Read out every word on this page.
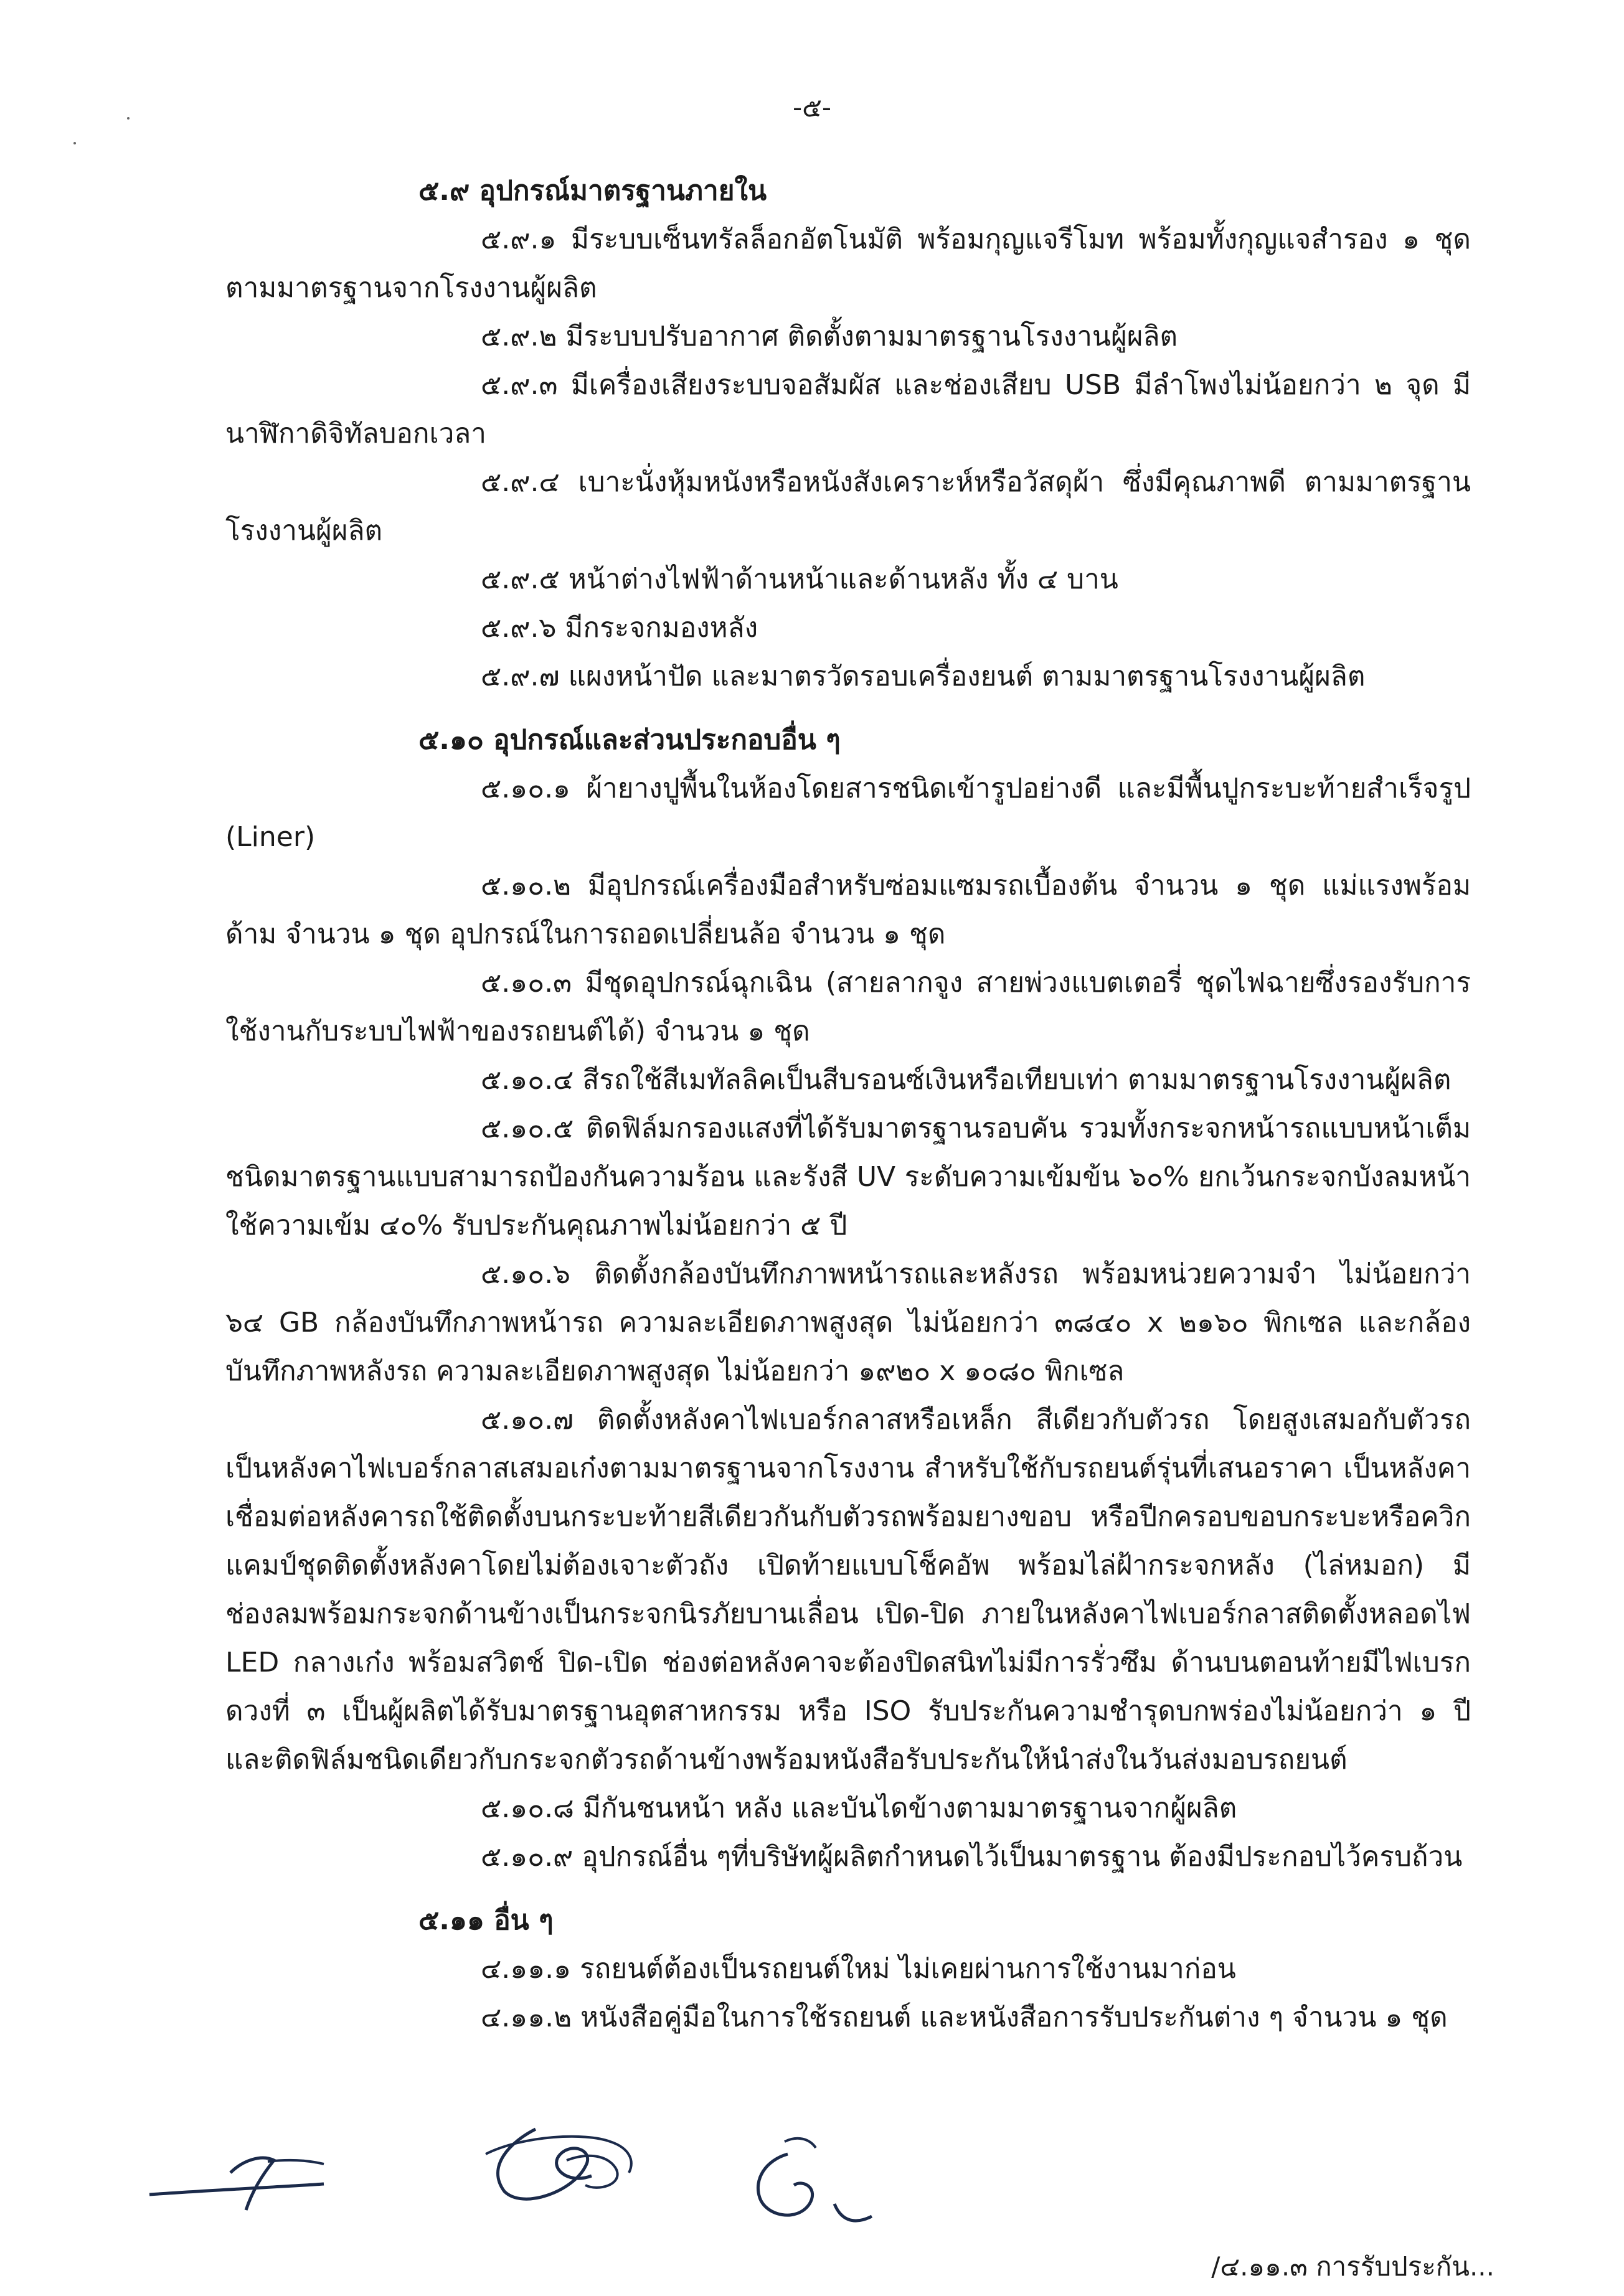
-๕-
๕.๙ อุปกรณ์มาตรฐานภายใน
๕.๙.๑ มีระบบเซ็นทรัลล็อกอัตโนมัติ พร้อมกุญแจรีโมท พร้อมทั้งกุญแจสำรอง ๑ ชุด ตามมาตรฐานจากโรงงานผู้ผลิต
๕.๙.๒ มีระบบปรับอากาศ ติดตั้งตามมาตรฐานโรงงานผู้ผลิต
๕.๙.๓ มีเครื่องเสียงระบบจอสัมผัส และช่องเสียบ USB มีลำโพงไม่น้อยกว่า ๒ จุด มีนาฬิกาดิจิทัลบอกเวลา
๕.๙.๔ เบาะนั่งหุ้มหนังหรือหนังสังเคราะห์หรือวัสดุผ้า ซึ่งมีคุณภาพดี ตามมาตรฐานโรงงานผู้ผลิต
๕.๙.๕ หน้าต่างไฟฟ้าด้านหน้าและด้านหลัง ทั้ง ๔ บาน
๕.๙.๖ มีกระจกมองหลัง
๕.๙.๗ แผงหน้าปัด และมาตรวัดรอบเครื่องยนต์ ตามมาตรฐานโรงงานผู้ผลิต
๕.๑๐ อุปกรณ์และส่วนประกอบอื่น ๆ
๕.๑๐.๑ ผ้ายางปูพื้นในห้องโดยสารชนิดเข้ารูปอย่างดี และมีพื้นปูกระบะท้ายสำเร็จรูป (Liner)
๕.๑๐.๒ มีอุปกรณ์เครื่องมือสำหรับซ่อมแซมรถเบื้องต้น จำนวน ๑ ชุด แม่แรงพร้อมด้าม จำนวน ๑ ชุด อุปกรณ์ในการถอดเปลี่ยนล้อ จำนวน ๑ ชุด
๕.๑๐.๓ มีชุดอุปกรณ์ฉุกเฉิน (สายลากจูง สายพ่วงแบตเตอรี่ ชุดไฟฉายซึ่งรองรับการใช้งานกับระบบไฟฟ้าของรถยนต์ได้) จำนวน ๑ ชุด
๕.๑๐.๔ สีรถใช้สีเมทัลลิคเป็นสีบรอนซ์เงินหรือเทียบเท่า ตามมาตรฐานโรงงานผู้ผลิต
๕.๑๐.๕ ติดฟิล์มกรองแสงที่ได้รับมาตรฐานรอบคัน รวมทั้งกระจกหน้ารถแบบหน้าเต็มชนิดมาตรฐานแบบสามารถป้องกันความร้อน และรังสี UV ระดับความเข้มข้น ๖๐% ยกเว้นกระจกบังลมหน้าใช้ความเข้ม ๔๐% รับประกันคุณภาพไม่น้อยกว่า ๕ ปี
๕.๑๐.๖ ติดตั้งกล้องบันทึกภาพหน้ารถและหลังรถ พร้อมหน่วยความจำ ไม่น้อยกว่า ๖๔ GB กล้องบันทึกภาพหน้ารถ ความละเอียดภาพสูงสุด ไม่น้อยกว่า ๓๘๔๐ x ๒๑๖๐ พิกเซล และกล้องบันทึกภาพหลังรถ ความละเอียดภาพสูงสุด ไม่น้อยกว่า ๑๙๒๐ x ๑๐๘๐ พิกเซล
๕.๑๐.๗ ติดตั้งหลังคาไฟเบอร์กลาสหรือเหล็ก สีเดียวกับตัวรถ โดยสูงเสมอกับตัวรถ เป็นหลังคาไฟเบอร์กลาสเสมอเก๋งตามมาตรฐานจากโรงงาน สำหรับใช้กับรถยนต์รุ่นที่เสนอราคา เป็นหลังคาเชื่อมต่อหลังคารถใช้ติดตั้งบนกระบะท้ายสีเดียวกันกับตัวรถพร้อมยางขอบ หรือปีกครอบขอบกระบะหรือควิกแคมป์ชุดติดตั้งหลังคาโดยไม่ต้องเจาะตัวถัง เปิดท้ายแบบโช็คอัพ พร้อมไล่ฝ้ากระจกหลัง (ไล่หมอก) มีช่องลมพร้อมกระจกด้านข้างเป็นกระจกนิรภัยบานเลื่อน เปิด-ปิด ภายในหลังคาไฟเบอร์กลาสติดตั้งหลอดไฟ LED กลางเก๋ง พร้อมสวิตช์ ปิด-เปิด ช่องต่อหลังคาจะต้องปิดสนิทไม่มีการรั่วซึม ด้านบนตอนท้ายมีไฟเบรกดวงที่ ๓ เป็นผู้ผลิตได้รับมาตรฐานอุตสาหกรรม หรือ ISO รับประกันความชำรุดบกพร่องไม่น้อยกว่า ๑ ปี และติดฟิล์มชนิดเดียวกับกระจกตัวรถด้านข้างพร้อมหนังสือรับประกันให้นำส่งในวันส่งมอบรถยนต์
๕.๑๐.๘ มีกันชนหน้า หลัง และบันไดข้างตามมาตรฐานจากผู้ผลิต
๕.๑๐.๙ อุปกรณ์อื่น ๆที่บริษัทผู้ผลิตกำหนดไว้เป็นมาตรฐาน ต้องมีประกอบไว้ครบถ้วน
๕.๑๑ อื่น ๆ
๔.๑๑.๑ รถยนต์ต้องเป็นรถยนต์ใหม่ ไม่เคยผ่านการใช้งานมาก่อน
๔.๑๑.๒ หนังสือคู่มือในการใช้รถยนต์ และหนังสือการรับประกันต่าง ๆ จำนวน ๑ ชุด
/๔.๑๑.๓ การรับประกัน...
